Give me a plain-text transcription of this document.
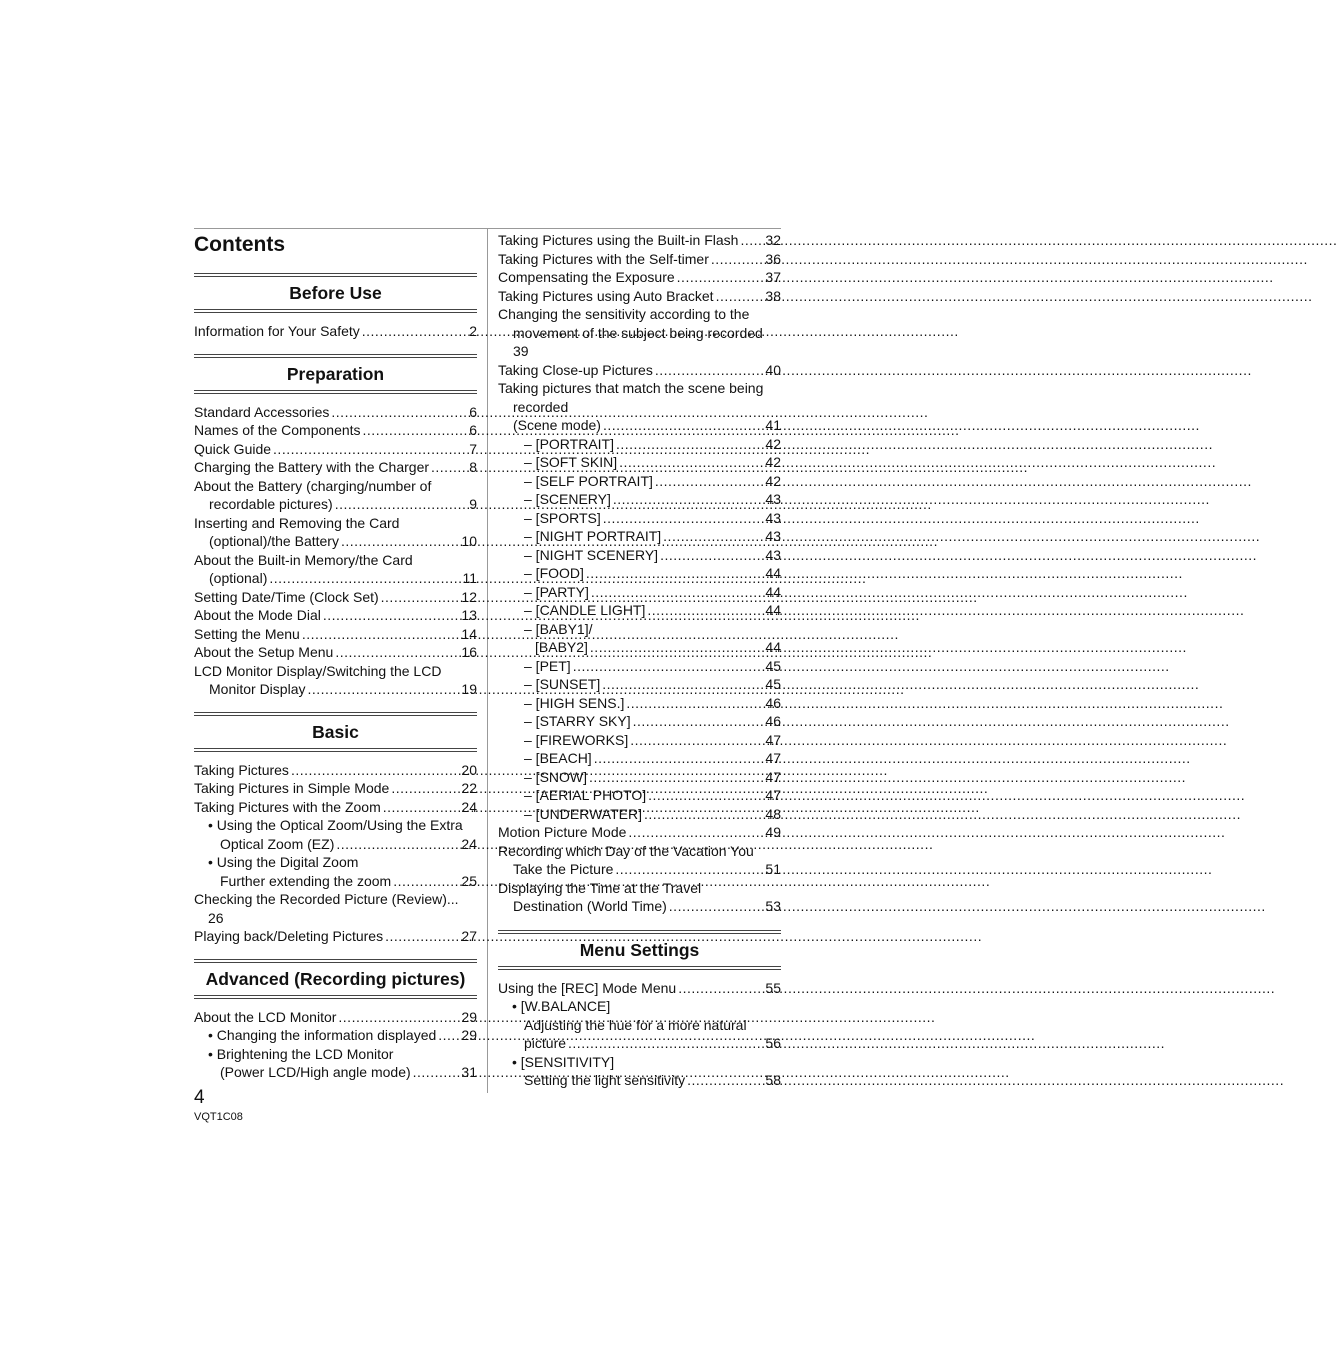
Contents
Before Use
Information for Your Safety .....	2
Preparation
Standard Accessories .....	6
Names of the Components .....	6
Quick Guide .....	7
Charging the Battery with the Charger .....	8
About the Battery (charging/number of
recordable pictures) .....	9
Inserting and Removing the Card
(optional)/the Battery .....	10
About the Built-in Memory/the Card
(optional) .....	11
Setting Date/Time (Clock Set) .....	12
About the Mode Dial .....	13
Setting the Menu .....	14
About the Setup Menu .....	16
LCD Monitor Display/Switching the LCD
Monitor Display .....	19
Basic
Taking Pictures .....	20
Taking Pictures in Simple Mode .....	22
Taking Pictures with the Zoom .....	24
• Using the Optical Zoom/Using the Extra
Optical Zoom (EZ) .....	24
• Using the Digital Zoom
Further extending the zoom .....	25
Checking the Recorded Picture (Review) ...
26
Playing back/Deleting Pictures .....	27
Advanced (Recording pictures)
About the LCD Monitor .....	29
• Changing the information displayed ..... 29
• Brightening the LCD Monitor
(Power LCD/High angle mode) .....	31
Taking Pictures using the Built-in Flash ..... 32
Taking Pictures with the Self-timer .....	36
Compensating the Exposure .....	37
Taking Pictures using Auto Bracket .....	38
Changing the sensitivity according to the
movement of the subject being recorded
39
Taking Close-up Pictures .....	40
Taking pictures that match the scene being
recorded
(Scene mode) .....	41
– [PORTRAIT] .....	42
– [SOFT SKIN] .....	42
– [SELF PORTRAIT] .....	42
– [SCENERY] .....	43
– [SPORTS] .....	43
– [NIGHT PORTRAIT] .....	43
– [NIGHT SCENERY] .....	43
– [FOOD] .....	44
– [PARTY] .....	44
– [CANDLE LIGHT] .....	44
– [BABY1]/
[BABY2] .....	44
– [PET] .....	45
– [SUNSET] .....	45
– [HIGH SENS.] .....	46
– [STARRY SKY] .....	46
– [FIREWORKS] .....	47
– [BEACH] .....	47
– [SNOW] .....	47
– [AERIAL PHOTO] .....	47
– [UNDERWATER] .....	48
Motion Picture Mode .....	49
Recording which Day of the Vacation You
Take the Picture .....	51
Displaying the Time at the Travel
Destination (World Time) .....	53
Menu Settings
Using the [REC] Mode Menu .....	55
• [W.BALANCE]
Adjusting the hue for a more natural
picture .....	56
• [SENSITIVITY]
Setting the light sensitivity .....	58
4
VQT1C08
